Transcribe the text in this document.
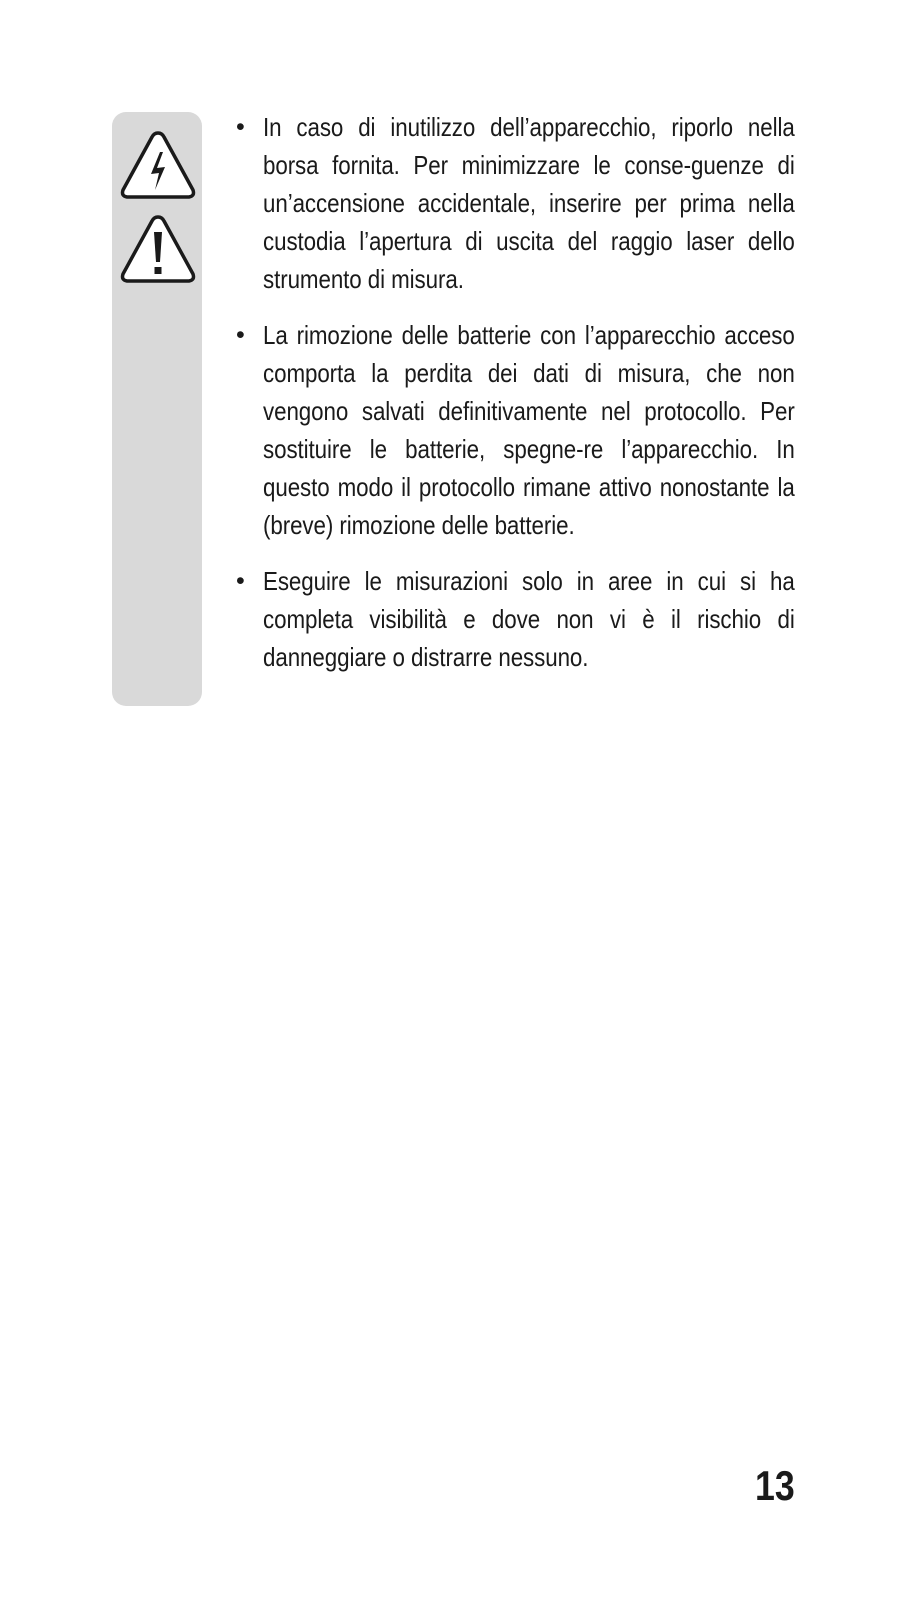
• In caso di inutilizzo dell’apparecchio, riporlo nella borsa fornita. Per minimizzare le conse-guenze di un’accensione accidentale, inserire per prima nella custodia l’apertura di uscita del raggio laser dello strumento di misura.
• La rimozione delle batterie con l’apparecchio acceso comporta la perdita dei dati di misura, che non vengono salvati definitivamente nel protocollo. Per sostituire le batterie, spegne-re l’apparecchio. In questo modo il protocollo rimane attivo nonostante la (breve) rimozione delle batterie.
• Eseguire le misurazioni solo in aree in cui si ha completa visibilità e dove non vi è il rischio di danneggiare o distrarre nessuno.
13
